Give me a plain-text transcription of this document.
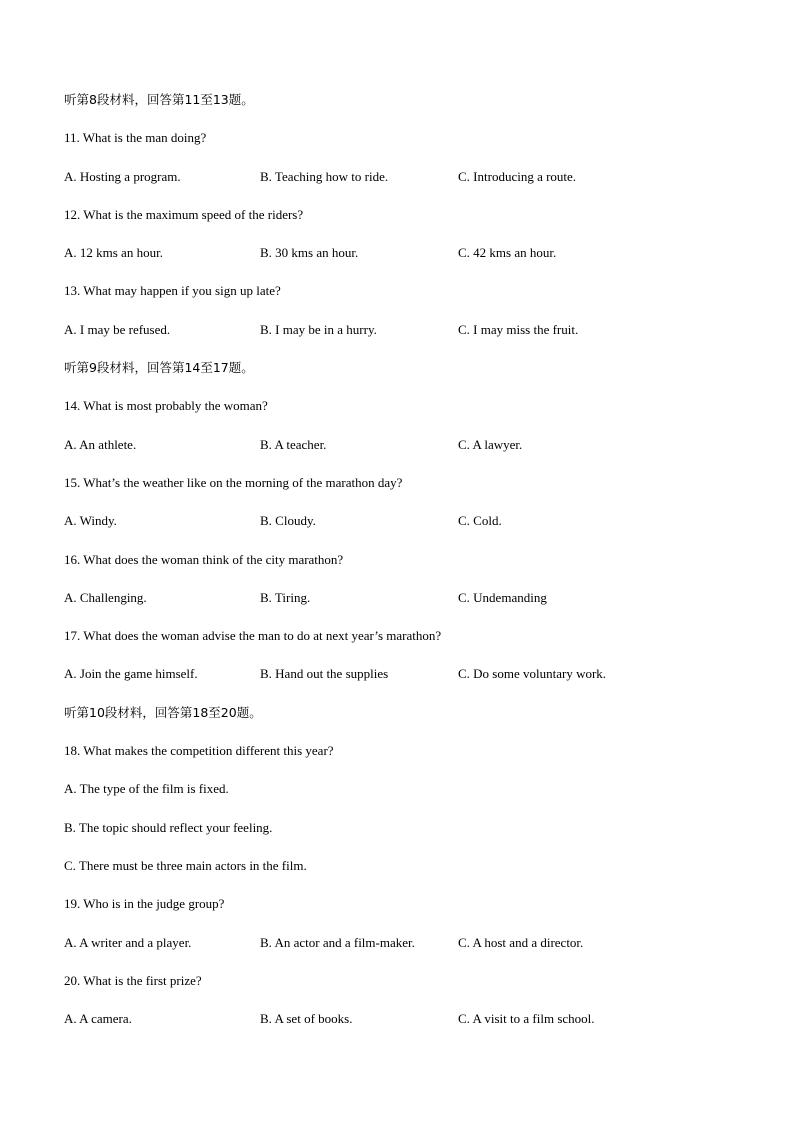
听第8段材料，回答第11至13题。
11. What is the man doing?
A. Hosting a program.	B. Teaching how to ride.	C. Introducing a route.
12. What is the maximum speed of the riders?
A. 12 kms an hour.	B. 30 kms an hour.	C. 42 kms an hour.
13. What may happen if you sign up late?
A. I may be refused.	B. I may be in a hurry.	C. I may miss the fruit.
听第9段材料，回答第14至17题。
14. What is most probably the woman?
A. An athlete.	B. A teacher.	C. A lawyer.
15. What’s the weather like on the morning of the marathon day?
A. Windy.	B. Cloudy.	C. Cold.
16. What does the woman think of the city marathon?
A. Challenging.	B. Tiring.	C. Undemanding
17. What does the woman advise the man to do at next year’s marathon?
A. Join the game himself.	B. Hand out the supplies	C. Do some voluntary work.
听第10段材料，回答第18至20题。
18. What makes the competition different this year?
A. The type of the film is fixed.
B. The topic should reflect your feeling.
C. There must be three main actors in the film.
19. Who is in the judge group?
A. A writer and a player.	B. An actor and a film-maker.	C. A host and a director.
20. What is the first prize?
A. A camera.	B. A set of books.	C. A visit to a film school.
